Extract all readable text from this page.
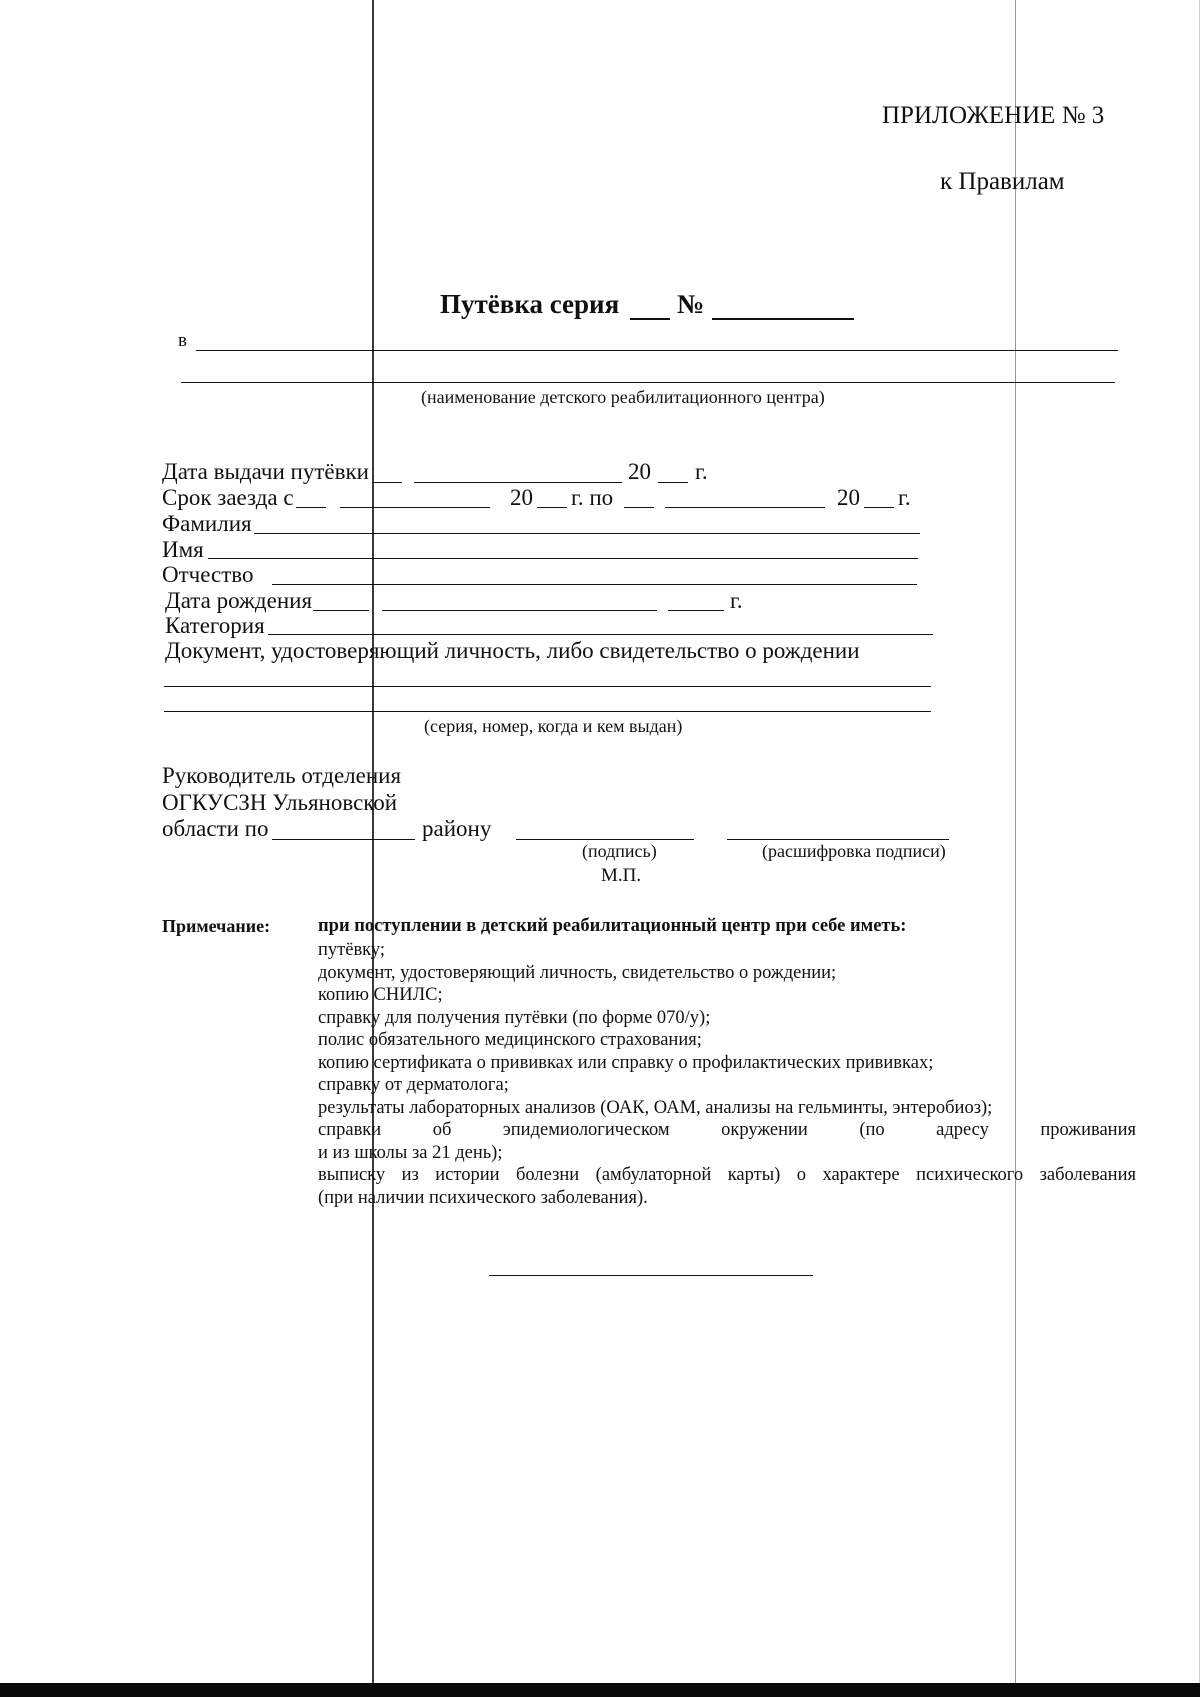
ПРИЛОЖЕНИЕ № 3
к Правилам
Путёвка серия №
в
(наименование детского реабилитационного центра)
Дата выдачи путёвки	20 г.
Срок заезда с	20 г. по	20 г.
Фамилия
Имя
Отчество
Дата рождения	г.
Категория
Документ, удостоверяющий личность, либо свидетельство о рождении
(серия, номер, когда и кем выдан)
Руководитель отделения
ОГКУСЗН Ульяновской
области по	району
(подпись)	(расшифровка подписи)
М.П.
Примечание:	при поступлении в детский реабилитационный центр при себе иметь:
путёвку;
документ, удостоверяющий личность, свидетельство о рождении;
копию СНИЛС;
справку для получения путёвки (по форме 070/у);
полис обязательного медицинского страхования;
копию сертификата о прививках или справку о профилактических прививках;
справку от дерматолога;
результаты лабораторных анализов (ОАК, ОАМ, анализы на гельминты, энтеробиоз);
справки	об	эпидемиологическом	окружении	(по	адресу	проживания
и из школы за 21 день);
выписку из истории болезни (амбулаторной карты) о характере психического заболевания
(при наличии психического заболевания).
